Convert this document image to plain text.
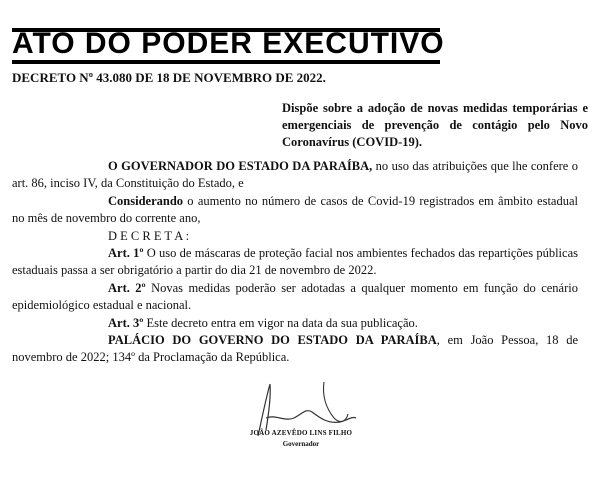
ATO DO PODER EXECUTIVO
DECRETO Nº 43.080 DE 18 DE NOVEMBRO DE 2022.
Dispõe sobre a adoção de novas medidas temporárias e emergenciais de prevenção de contágio pelo Novo Coronavírus (COVID-19).

O GOVERNADOR DO ESTADO DA PARAÍBA, no uso das atribuições que lhe confere o art. 86, inciso IV, da Constituição do Estado, e

Considerando o aumento no número de casos de Covid-19 registrados em âmbito estadual no mês de novembro do corrente ano,

D E C R E T A :

Art. 1º O uso de máscaras de proteção facial nos ambientes fechados das repartições públicas estaduais passa a ser obrigatório a partir do dia 21 de novembro de 2022.

Art. 2º Novas medidas poderão ser adotadas a qualquer momento em função do cenário epidemiológico estadual e nacional.

Art. 3º Este decreto entra em vigor na data da sua publicação.

PALÁCIO DO GOVERNO DO ESTADO DA PARAÍBA, em João Pessoa, 18 de novembro de 2022; 134º da Proclamação da República.

JOÃO AZEVÊDO LINS FILHO
Governador
